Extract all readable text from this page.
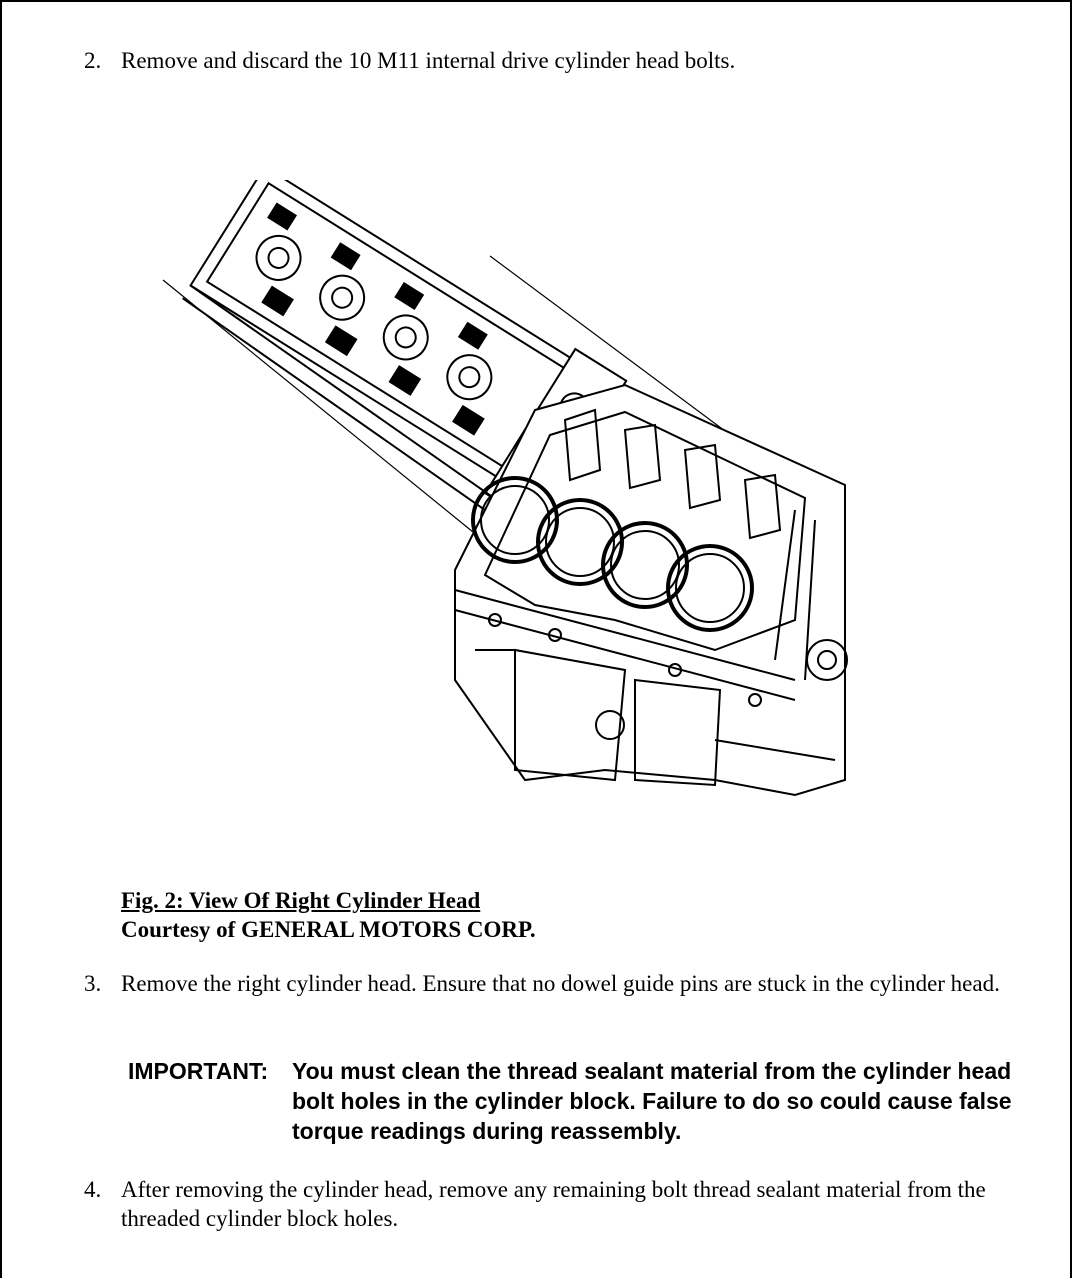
2. Remove and discard the 10 M11 internal drive cylinder head bolts.
Fig. 2: View Of Right Cylinder Head
Courtesy of GENERAL MOTORS CORP.
3. Remove the right cylinder head. Ensure that no dowel guide pins are stuck in the cylinder head.
IMPORTANT:	You must clean the thread sealant material from the cylinder head bolt holes in the cylinder block. Failure to do so could cause false torque readings during reassembly.
4. After removing the cylinder head, remove any remaining bolt thread sealant material from the threaded cylinder block holes.
